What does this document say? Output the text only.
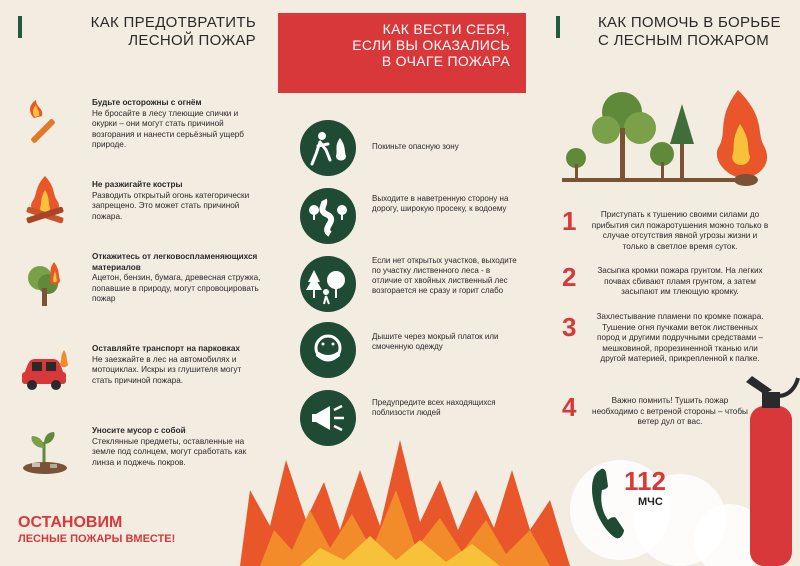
КАК ПРЕДОТВРАТИТЬ
ЛЕСНОЙ ПОЖАР
Будьте осторожны с огнём
Не бросайте в лесу тлеющие спички и окурки – они могут стать причиной возгорания и нанести серьёзный ущерб природе.
Не разжигайте костры
Разводить открытый огонь категорически запрещено. Это может стать причиной пожара.
Откажитесь от легковоспламеняющихся материалов
Ацетон, бензин, бумага, древесная стружка, попавшие в природу, могут спровоцировать пожар
Оставляйте транспорт на парковках
Не заезжайте в лес на автомобилях и мотоциклах. Искры из глушителя могут стать причиной пожара.
Уносите мусор с собой
Стеклянные предметы, оставленные на земле под солнцем, могут сработать как линза и поджечь покров.
ОСТАНОВИМ
ЛЕСНЫЕ ПОЖАРЫ ВМЕСТЕ!
КАК ВЕСТИ СЕБЯ,
ЕСЛИ ВЫ ОКАЗАЛИСЬ
В ОЧАГЕ ПОЖАРА
Покиньте опасную зону
Выходите в наветренную сторону на дорогу, широкую просеку, к водоему
Если нет открытых участков, выходите по участку лиственного леса - в отличие от хвойных лиственный лес возгорается не сразу и горит слабо
Дышите через мокрый платок или смоченную одежду
Предупредите всех находящихся поблизости людей
КАК ПОМОЧЬ В БОРЬБЕ
С ЛЕСНЫМ ПОЖАРОМ
1
2
3
4
Приступать к тушению своими силами до прибытия сил пожаротушения можно только в случае отсутствия явной угрозы жизни и только в светлое время суток.
Засыпка кромки пожара грунтом. На легких почвах сбивают пламя грунтом, а затем засыпают им тлеющую кромку.
Захлестывание пламени по кромке пожара. Тушение огня пучками веток лиственных пород и другими подручными средствами – мешковиной, прорезиненной тканью или другой материей, прикрепленной к палке.
Важно помнить! Тушить пожар необходимо с ветреной стороны – чтобы ветер дул от вас.
112
МЧС
